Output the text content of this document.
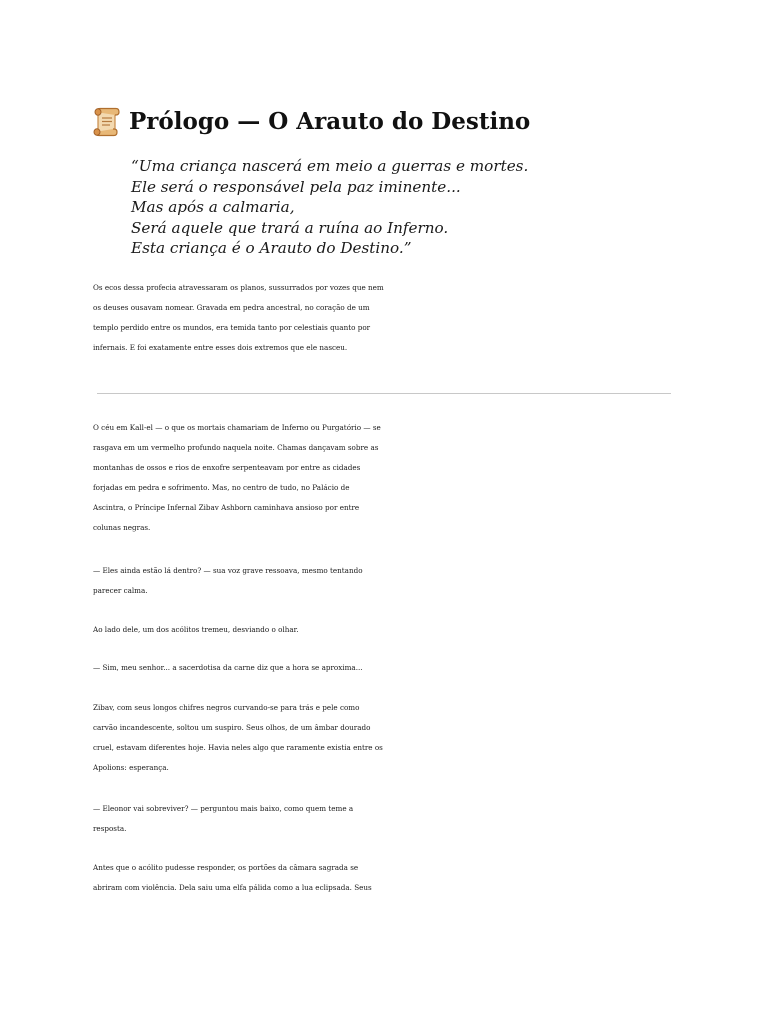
Prólogo — O Arauto do Destino
“Uma criança nascerá em meio a guerras e mortes.
Ele será o responsável pela paz iminente...
Mas após a calmaria,
Será aquele que trará a ruína ao Inferno.
Esta criança é o Arauto do Destino.”
Os ecos dessa profecia atravessaram os planos, sussurrados por vozes que nem
os deuses ousavam nomear. Gravada em pedra ancestral, no coração de um
templo perdido entre os mundos, era temida tanto por celestiais quanto por
infernais. E foi exatamente entre esses dois extremos que ele nasceu.
O céu em Kall-el — o que os mortais chamariam de Inferno ou Purgatório — se
rasgava em um vermelho profundo naquela noite. Chamas dançavam sobre as
montanhas de ossos e rios de enxofre serpenteavam por entre as cidades
forjadas em pedra e sofrimento. Mas, no centro de tudo, no Palácio de
Ascintra, o Príncipe Infernal Zibav Ashborn caminhava ansioso por entre
colunas negras.
— Eles ainda estão lá dentro? — sua voz grave ressoava, mesmo tentando
parecer calma.
Ao lado dele, um dos acólitos tremeu, desviando o olhar.
— Sim, meu senhor... a sacerdotisa da carne diz que a hora se aproxima...
Zibav, com seus longos chifres negros curvando-se para trás e pele como
carvão incandescente, soltou um suspiro. Seus olhos, de um âmbar dourado
cruel, estavam diferentes hoje. Havia neles algo que raramente existia entre os
Apolions: esperança.
— Eleonor vai sobreviver? — perguntou mais baixo, como quem teme a
resposta.
Antes que o acólito pudesse responder, os portões da câmara sagrada se
abriram com violência. Dela saiu uma elfa pálida como a lua eclipsada. Seus
